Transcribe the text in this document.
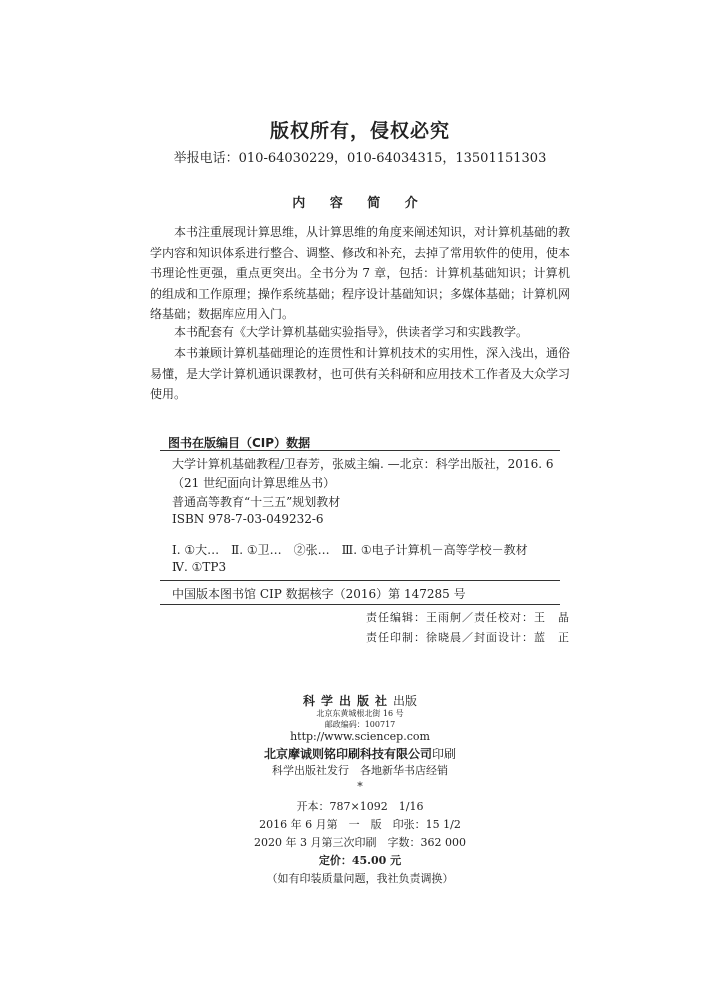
版权所有，侵权必究
举报电话：010-64030229，010-64034315，13501151303
内 容 简 介

本书注重展现计算思维，从计算思维的角度来阐述知识，对计算机基础的教学内容和知识体系进行整合、调整、修改和补充，去掉了常用软件的使用，使本书理论性更强，重点更突出。全书分为 7 章，包括：计算机基础知识；计算机的组成和工作原理；操作系统基础；程序设计基础知识；多媒体基础；计算机网络基础；数据库应用入门。

本书配套有《大学计算机基础实验指导》，供读者学习和实践教学。

本书兼顾计算机基础理论的连贯性和计算机技术的实用性，深入浅出，通俗易懂，是大学计算机通识课教材，也可供有关科研和应用技术工作者及大众学习使用。

图书在版编目（CIP）数据
大学计算机基础教程/卫春芳，张威主编. —北京：科学出版社，2016. 6
（21 世纪面向计算思维丛书）
普通高等教育“十三五”规划教材
ISBN 978-7-03-049232-6
Ⅰ. ①大…　Ⅱ. ①卫…　②张…　Ⅲ. ①电子计算机－高等学校－教材
Ⅳ. ①TP3
中国版本图书馆 CIP 数据核字（2016）第 147285 号
责任编辑：王雨舸／责任校对：王　晶
责任印制：徐晓晨／封面设计：蓝　正
科学出版社出版
北京东黄城根北街 16 号
邮政编码：100717
http://www.sciencep.com
北京摩诚则铭印刷科技有限公司印刷
科学出版社发行　各地新华书店经销
*
开本：787×1092　1/16
2016 年 6 月第　一　版　印张：15 1/2
2020 年 3 月第三次印刷　字数：362 000
定价：45.00 元
（如有印装质量问题，我社负责调换）
